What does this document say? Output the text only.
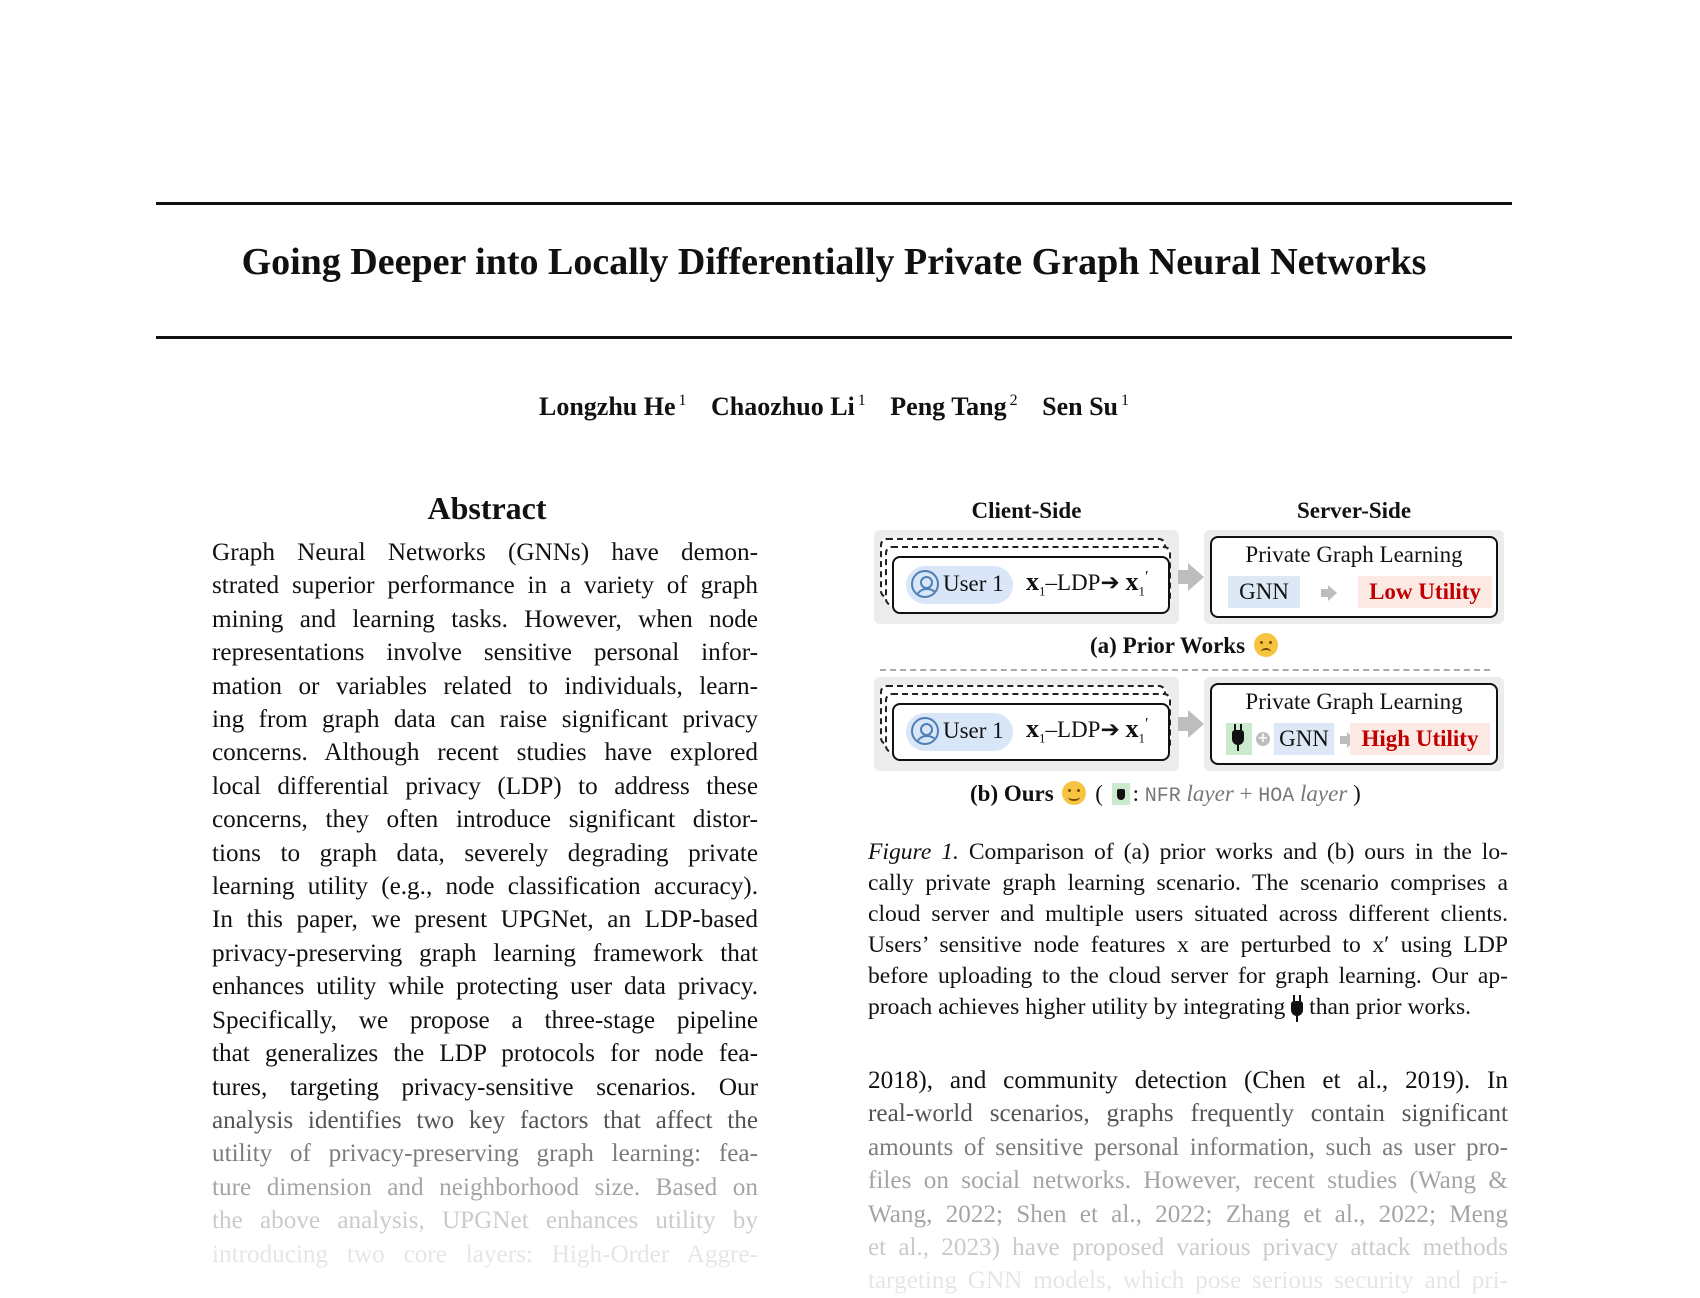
Going Deeper into Locally Differentially Private Graph Neural Networks
Longzhu He $^1$ Chaozhuo Li $^1$ Peng Tang $^2$ Sen Su $^1$
Abstract
Graph Neural Networks (GNNs) have demon-
strated superior performance in a variety of graph
mining and learning tasks. However, when node
representations involve sensitive personal infor-
mation or variables related to individuals, learn-
ing from graph data can raise significant privacy
concerns. Although recent studies have explored
local differential privacy (LDP) to address these
concerns, they often introduce significant distor-
tions to graph data, severely degrading private
learning utility (e.g., node classification accuracy).
In this paper, we present UPGNet, an LDP-based
privacy-preserving graph learning framework that
enhances utility while protecting user data privacy.
Specifically, we propose a three-stage pipeline
that generalizes the LDP protocols for node fea-
tures, targeting privacy-sensitive scenarios. Our
analysis identifies two key factors that affect the
utility of privacy-preserving graph learning: fea-
ture dimension and neighborhood size. Based on
the above analysis, UPGNet enhances utility by
introducing two core layers: High-Order Aggre-
Client-Side	Server-Side
User 1 $x_1-LDP➔$ $x_1'$
Private Graph Learning
GNN	Low Utility
(a) Prior Works
User 1 $x_1-LDP➔$ $x_1'$
Private Graph Learning
+ GNN	High Utility
(b) Ours  ( : NFR layer + HOA layer )
Figure 1. Comparison of (a) prior works and (b) ours in the lo-
cally private graph learning scenario. The scenario comprises a
cloud server and multiple users situated across different clients.
Users’ sensitive node features x are perturbed to x′ using LDP
before uploading to the cloud server for graph learning. Our ap-
proach achieves higher utility by integrating than prior works.
2018), and community detection (Chen et al., 2019). In
real-world scenarios, graphs frequently contain significant
amounts of sensitive personal information, such as user pro-
files on social networks. However, recent studies (Wang &
Wang, 2022; Shen et al., 2022; Zhang et al., 2022; Meng
et al., 2023) have proposed various privacy attack methods
targeting GNN models, which pose serious security and pri-
